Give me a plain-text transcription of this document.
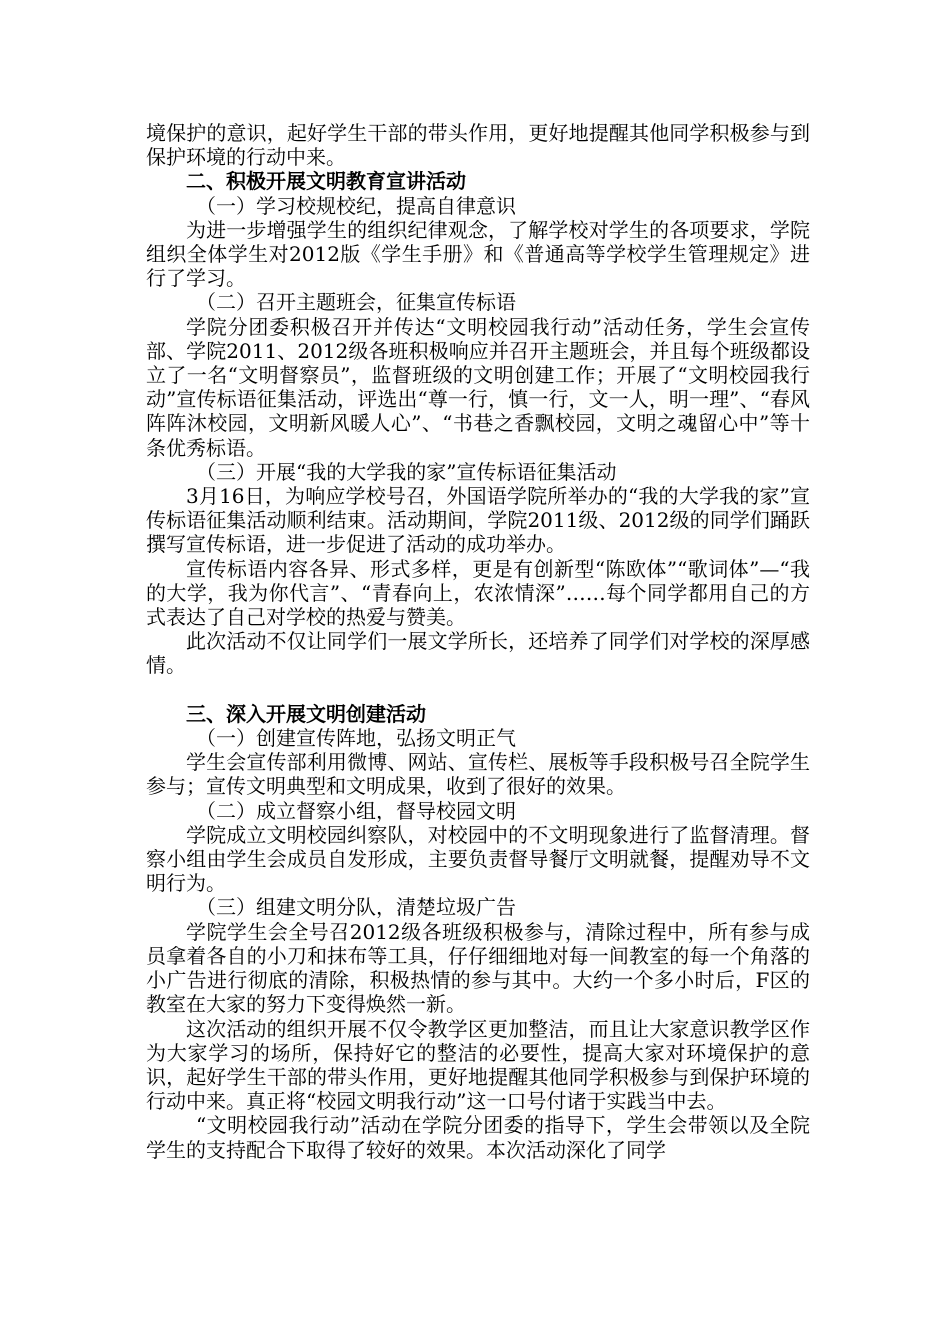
境保护的意识，起好学生干部的带头作用，更好地提醒其他同学积极参与到保护环境的行动中来。

二、积极开展文明教育宣讲活动

（一）学习校规校纪，提高自律意识

为进一步增强学生的组织纪律观念，了解学校对学生的各项要求，学院组织全体学生对2012版《学生手册》和《普通高等学校学生管理规定》进行了学习。

（二）召开主题班会，征集宣传标语

学院分团委积极召开并传达“文明校园我行动”活动任务，学生会宣传部、学院2011、2012级各班积极响应并召开主题班会，并且每个班级都设立了一名“文明督察员”，监督班级的文明创建工作；开展了“文明校园我行动”宣传标语征集活动，评选出“尊一行，慎一行，文一人，明一理”、“春风阵阵沐校园，文明新风暖人心”、“书巷之香飘校园，文明之魂留心中”等十条优秀标语。

（三）开展“我的大学我的家”宣传标语征集活动

3月16日，为响应学校号召，外国语学院所举办的“我的大学我的家”宣传标语征集活动顺利结束。活动期间，学院2011级、2012级的同学们踊跃撰写宣传标语，进一步促进了活动的成功举办。

宣传标语内容各异、形式多样，更是有创新型“陈欧体”“歌词体”—“我的大学，我为你代言”、“青春向上，农浓情深”……每个同学都用自己的方式表达了自己对学校的热爱与赞美。

此次活动不仅让同学们一展文学所长，还培养了同学们对学校的深厚感情。

三、深入开展文明创建活动

（一）创建宣传阵地，弘扬文明正气

学生会宣传部利用微博、网站、宣传栏、展板等手段积极号召全院学生参与；宣传文明典型和文明成果，收到了很好的效果。

（二）成立督察小组，督导校园文明

学院成立文明校园纠察队，对校园中的不文明现象进行了监督清理。督察小组由学生会成员自发形成，主要负责督导餐厅文明就餐，提醒劝导不文明行为。

（三）组建文明分队，清楚垃圾广告

学院学生会全号召2012级各班级积极参与，清除过程中，所有参与成员拿着各自的小刀和抹布等工具，仔仔细细地对每一间教室的每一个角落的小广告进行彻底的清除，积极热情的参与其中。大约一个多小时后，F区的教室在大家的努力下变得焕然一新。

这次活动的组织开展不仅令教学区更加整洁，而且让大家意识教学区作为大家学习的场所，保持好它的整洁的必要性，提高大家对环境保护的意识，起好学生干部的带头作用，更好地提醒其他同学积极参与到保护环境的行动中来。真正将“校园文明我行动”这一口号付诸于实践当中去。

“文明校园我行动”活动在学院分团委的指导下，学生会带领以及全院学生的支持配合下取得了较好的效果。本次活动深化了同学
